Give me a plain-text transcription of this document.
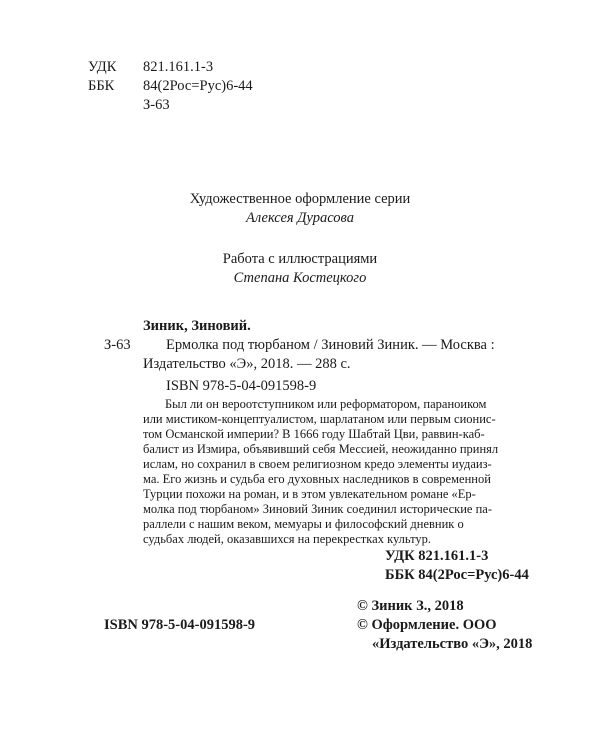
УДК 821.161.1-3
ББК 84(2Рос=Рус)6-44
З-63
Художественное оформление серии
Алексея Дурасова
Работа с иллюстрациями
Степана Костецкого
Зиник, Зиновий.
З-63 Ермолка под тюрбаном / Зиновий Зиник. — Москва :
Издательство «Э», 2018. — 288 с.
ISBN 978-5-04-091598-9
Был ли он вероотступником или реформатором, параноиком
или мистиком-концептуалистом, шарлатаном или первым сионис-
том Османской империи? В 1666 году Шабтай Цви, раввин-каб-
балист из Измира, объявивший себя Мессией, неожиданно принял
ислам, но сохранил в своем религиозном кредо элементы иудаиз-
ма. Его жизнь и судьба его духовных наследников в современной
Турции похожи на роман, и в этом увлекательном романе «Ер-
молка под тюрбаном» Зиновий Зиник соединил исторические па-
раллели с нашим веком, мемуары и философский дневник о
судьбах людей, оказавшихся на перекрестках культур.
УДК 821.161.1-3
ББК 84(2Рос=Рус)6-44
© Зиник З., 2018
© Оформление. ООО
«Издательство «Э», 2018
ISBN 978-5-04-091598-9
